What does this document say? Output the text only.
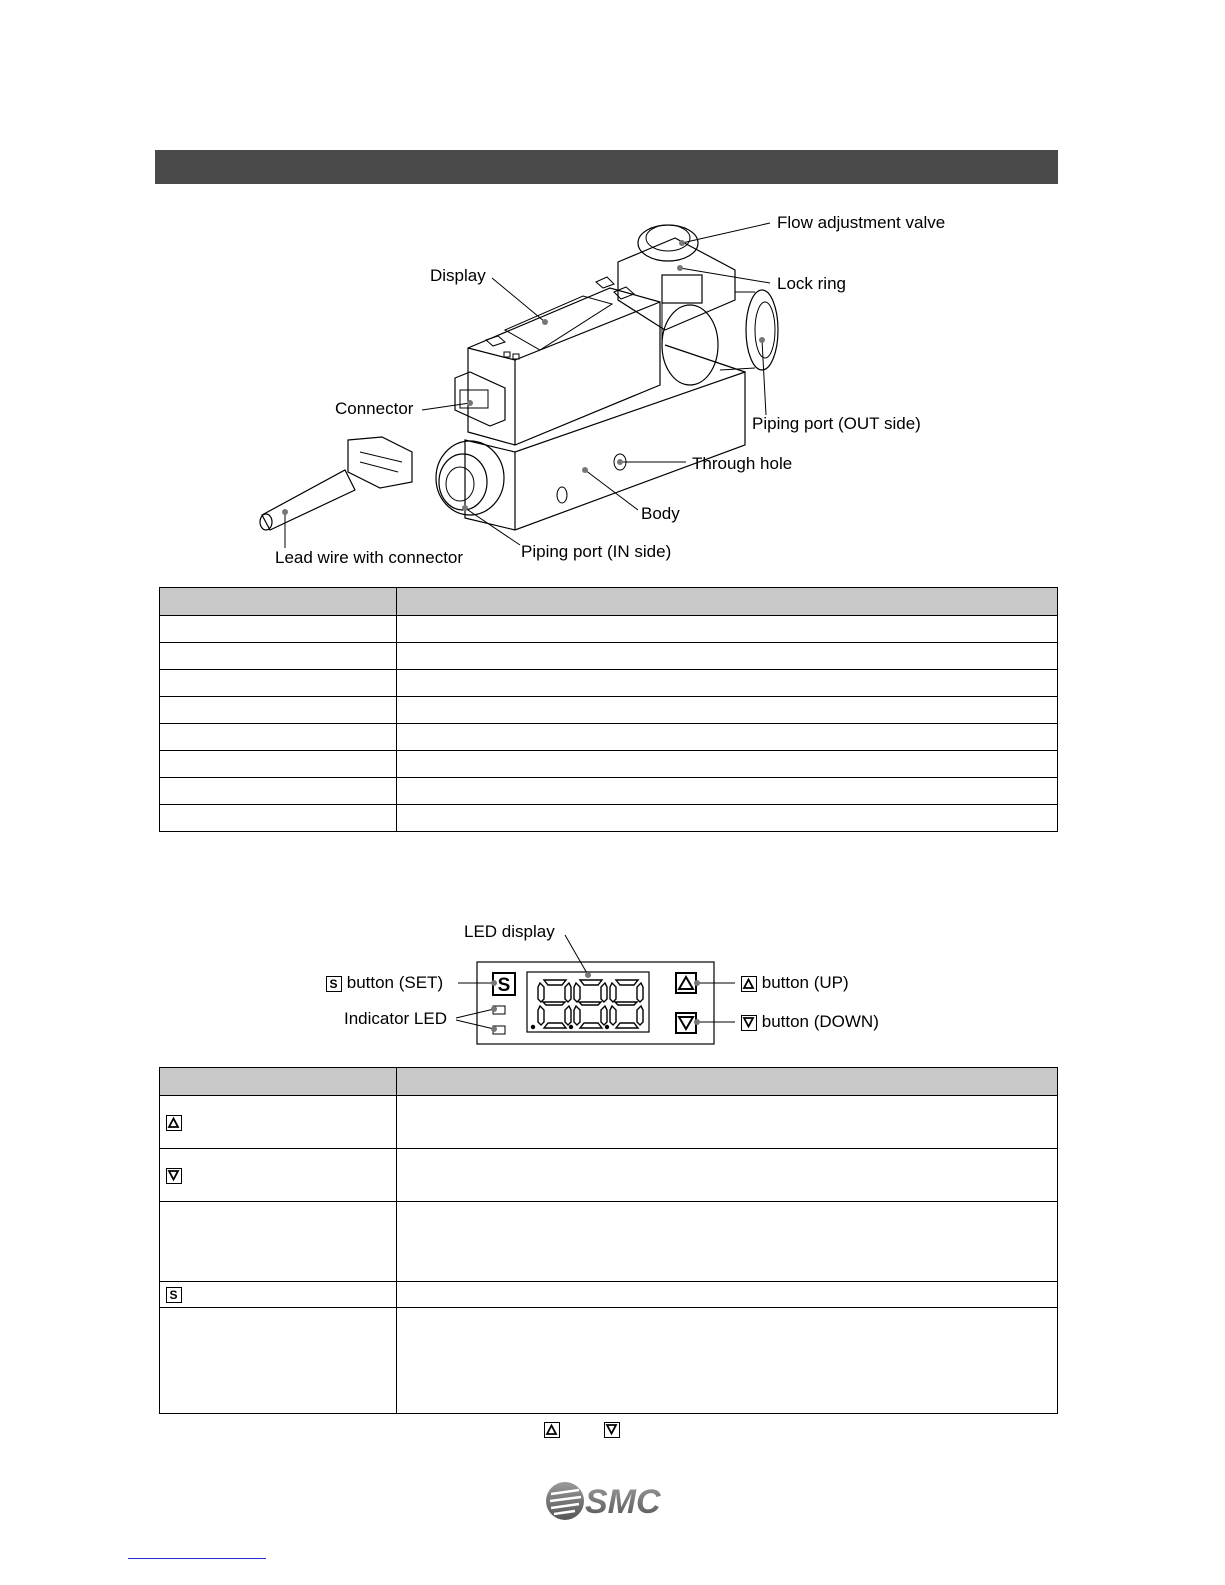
Flow adjustment valve
Lock ring
Display
Connector
Piping port (OUT side)
Through hole
Body
Lead wire with connector	Piping port (IN side)

S
LED display
S button (SET)
Indicator LED
button (UP)
button (DOWN)

S	

SMC
